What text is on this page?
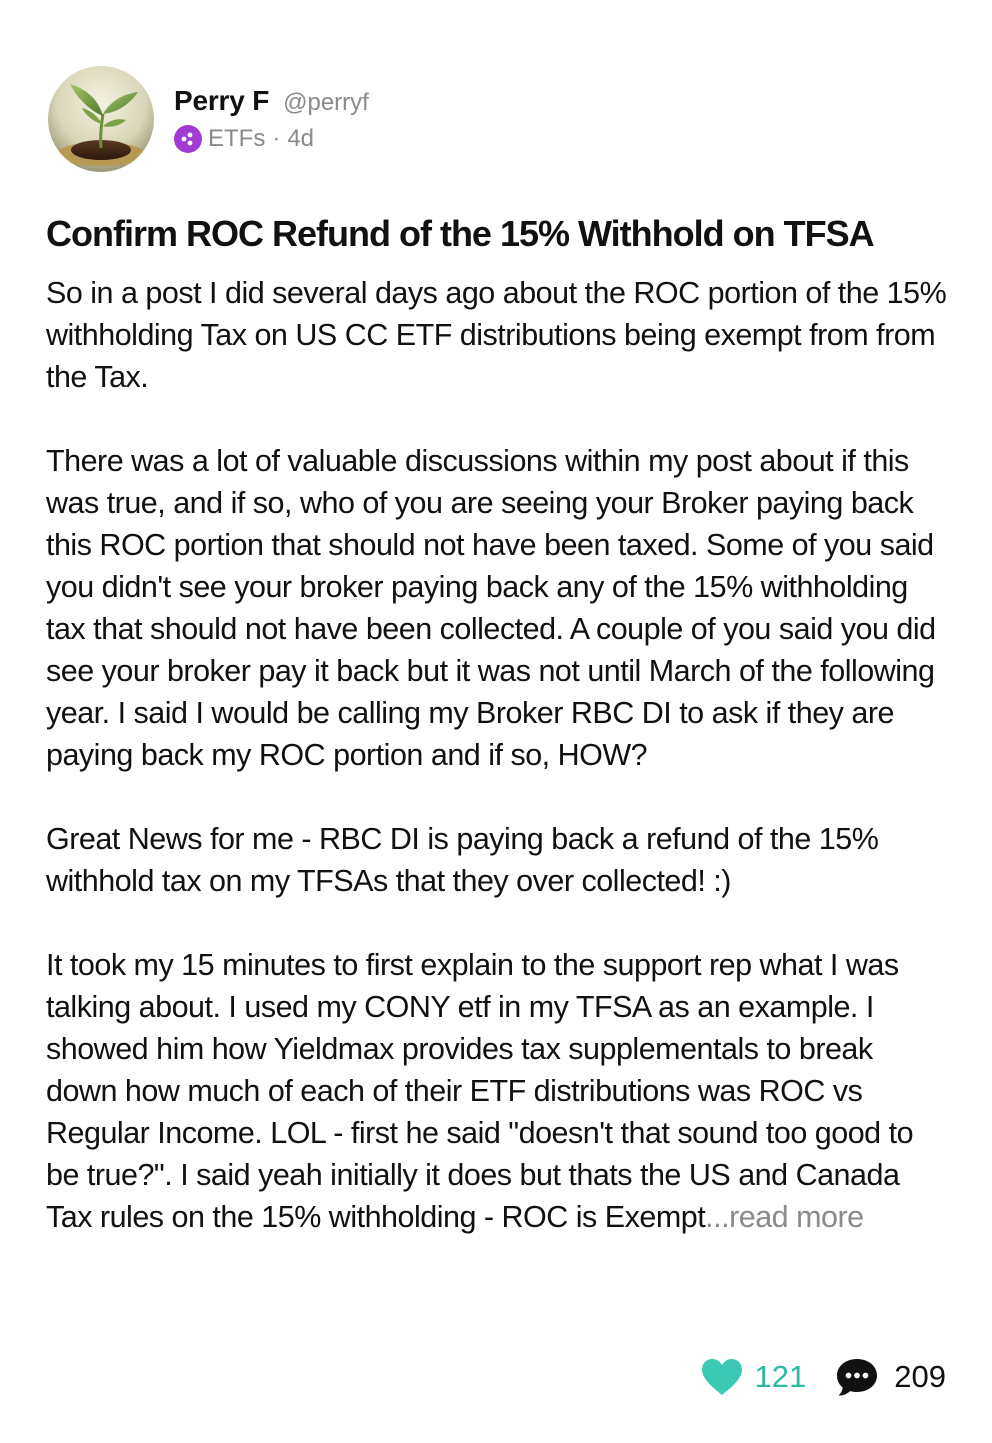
Perry F @perryf
ETFs · 4d
Confirm ROC Refund of the 15% Withhold on TFSA

So in a post I did several days ago about the ROC portion of the 15% withholding Tax on US CC ETF distributions being exempt from from the Tax.

There was a lot of valuable discussions within my post about if this was true, and if so, who of you are seeing your Broker paying back this ROC portion that should not have been taxed. Some of you said you didn't see your broker paying back any of the 15% withholding tax that should not have been collected. A couple of you said you did see your broker pay it back but it was not until March of the following year. I said I would be calling my Broker RBC DI to ask if they are paying back my ROC portion and if so, HOW?

Great News for me - RBC DI is paying back a refund of the 15% withhold tax on my TFSAs that they over collected! :)

It took my 15 minutes to first explain to the support rep what I was talking about. I used my CONY etf in my TFSA as an example. I showed him how Yieldmax provides tax supplementals to break down how much of each of their ETF distributions was ROC vs Regular Income. LOL - first he said "doesn't that sound too good to be true?". I said yeah initially it does but thats the US and Canada Tax rules on the 15% withholding - ROC is Exempt...read more

121	209
